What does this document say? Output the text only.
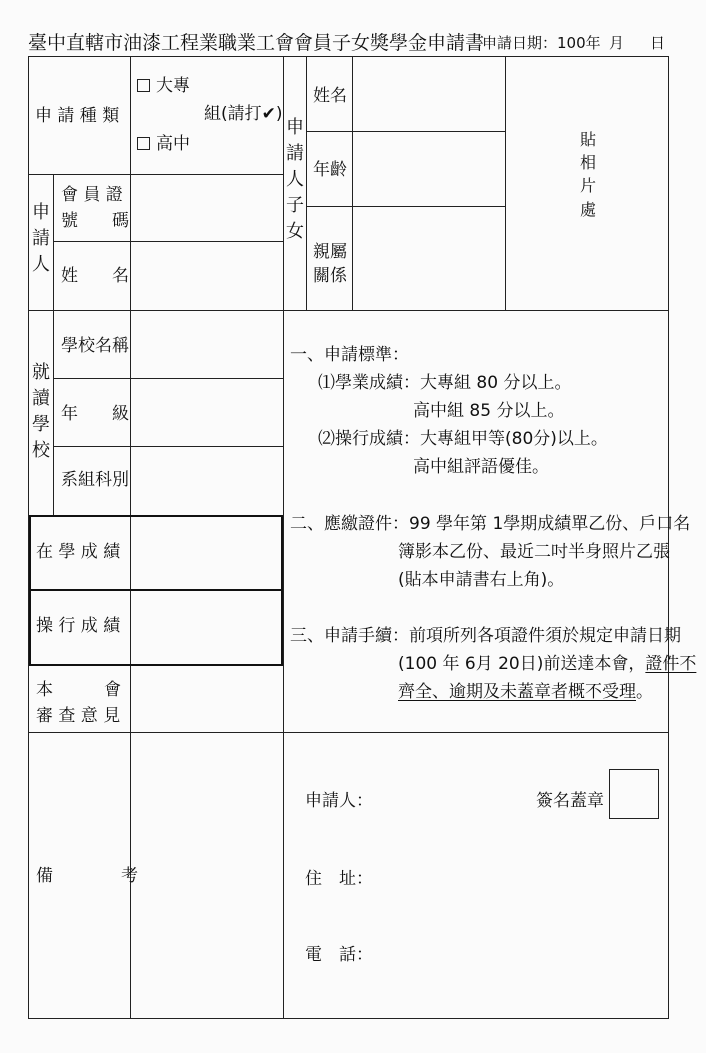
臺中直轄市油漆工程業職業工會會員子女獎學金申請書
申請日期：100年 月 日
申 請 種 類
大專
組(請打✔)
高中
申請人
會 員 證
號　　碼
姓　　名
就讀學校
學校名稱
年　　級
系組科別
在 學 成 績
操 行 成 績
本　　　會
審 查 意 見
備　　　　考
申請人子女
姓名
年齡
親屬
關係
貼相片處
一、申請標準：
⑴學業成績：大專組 80 分以上。
高中組 85 分以上。
⑵操行成績：大專組甲等(80分)以上。
高中組評語優佳。
二、應繳證件：99 學年第 1學期成績單乙份、戶口名
簿影本乙份、最近二吋半身照片乙張
(貼本申請書右上角)。
三、申請手續：前項所列各項證件須於規定申請日期
(100 年 6月 20日)前送達本會，證件不
齊全、逾期及未蓋章者概不受理。
申請人：	簽名蓋章
住　址：
電　話：
